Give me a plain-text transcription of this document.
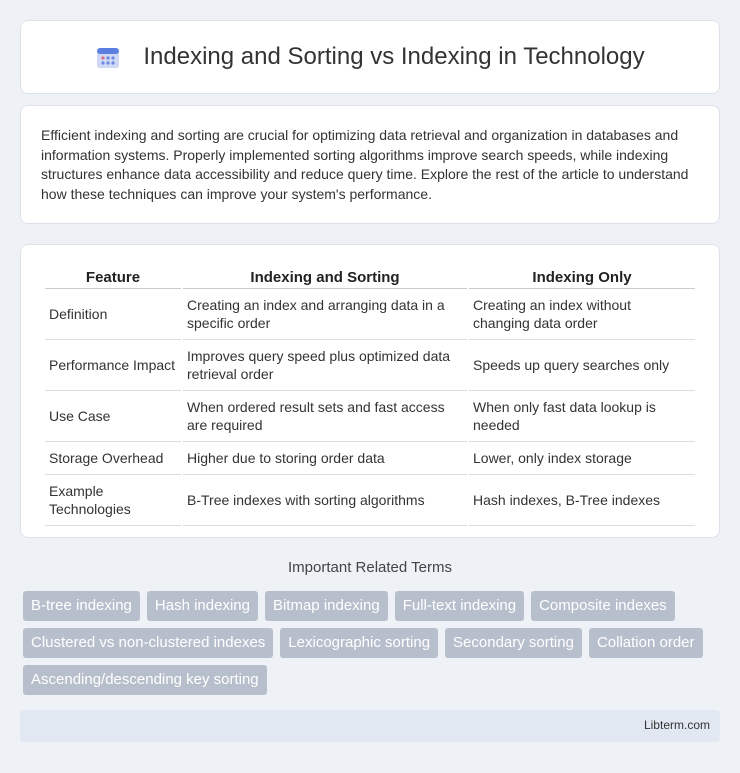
Indexing and Sorting vs Indexing in Technology

Efficient indexing and sorting are crucial for optimizing data retrieval and organization in databases and information systems. Properly implemented sorting algorithms improve search speeds, while indexing structures enhance data accessibility and reduce query time. Explore the rest of the article to understand how these techniques can improve your system's performance.

Feature	Indexing and Sorting	Indexing Only
Definition	Creating an index and arranging data in a specific order	Creating an index without changing data order
Performance Impact	Improves query speed plus optimized data retrieval order	Speeds up query searches only
Use Case	When ordered result sets and fast access are required	When only fast data lookup is needed
Storage Overhead	Higher due to storing order data	Lower, only index storage
Example Technologies	B-Tree indexes with sorting algorithms	Hash indexes, B-Tree indexes
Important Related Terms
B-tree indexing	Hash indexing	Bitmap indexing	Full-text indexing	Composite indexes
Clustered vs non-clustered indexes	Lexicographic sorting	Secondary sorting	Collation order
Ascending/descending key sorting
Libterm.com
